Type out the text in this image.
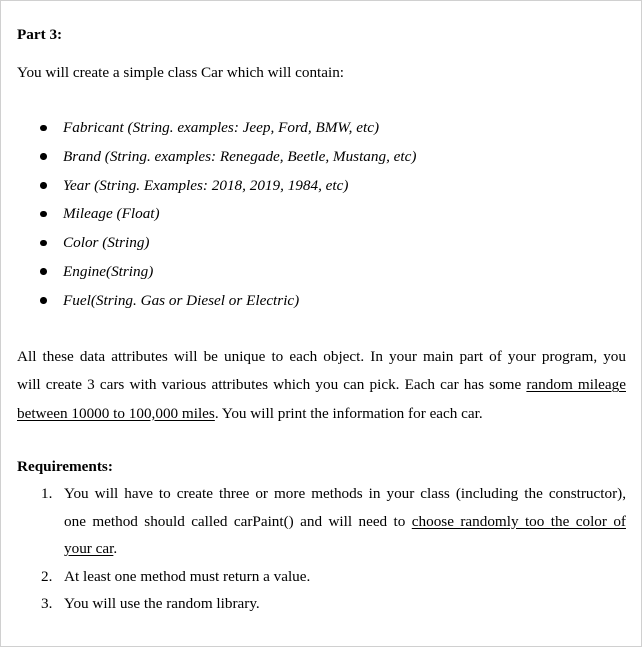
Part 3:
You will create a simple class Car which will contain:
Fabricant (String. examples: Jeep, Ford, BMW, etc)
Brand (String. examples: Renegade, Beetle, Mustang, etc)
Year (String. Examples: 2018, 2019, 1984, etc)
Mileage (Float)
Color (String)
Engine(String)
Fuel(String. Gas or Diesel or Electric)
All these data attributes will be unique to each object. In your main part of your program, you
will create 3 cars with various attributes which you can pick. Each car has some random mileage
between 10000 to 100,000 miles. You will print the information for each car.
Requirements:
1. You will have to create three or more methods in your class (including the constructor),
one method should called carPaint() and will need to choose randomly too the color of
your car.
2. At least one method must return a value.
3. You will use the random library.
